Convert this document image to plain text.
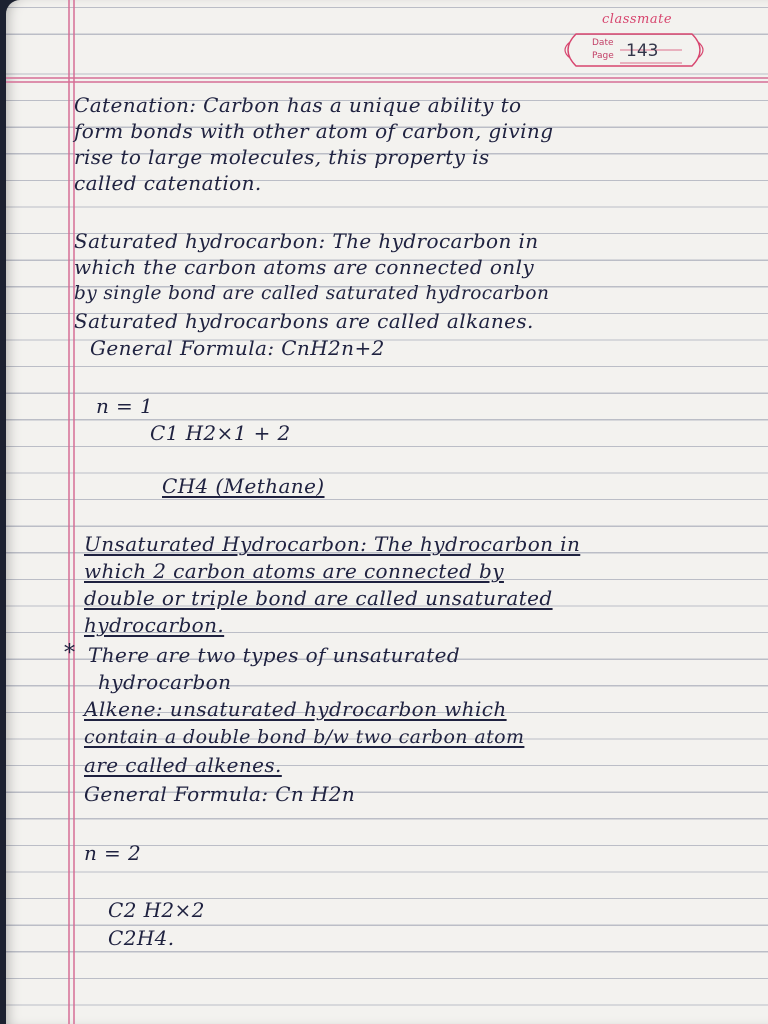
classmate
Date
Page 143
Catenation: Carbon has a unique ability to
form bonds with other atom of carbon, giving
rise to large molecules, this property is
called catenation.
Saturated hydrocarbon: The hydrocarbon in
which the carbon atoms are connected only
by single bond are called saturated hydrocarbon
Saturated hydrocarbons are called alkanes.
General Formula: CnH2n+2
n = 1
C1 H2×1 + 2
CH4 (Methane)
Unsaturated Hydrocarbon: The hydrocarbon in
which 2 carbon atoms are connected by
double or triple bond are called unsaturated
hydrocarbon.
* There are two types of unsaturated
hydrocarbon
Alkene: unsaturated hydrocarbon which
contain a double bond b/w two carbon atom
are called alkenes.
General Formula: Cn H2n
n = 2
C2 H2×2
C2H4.
